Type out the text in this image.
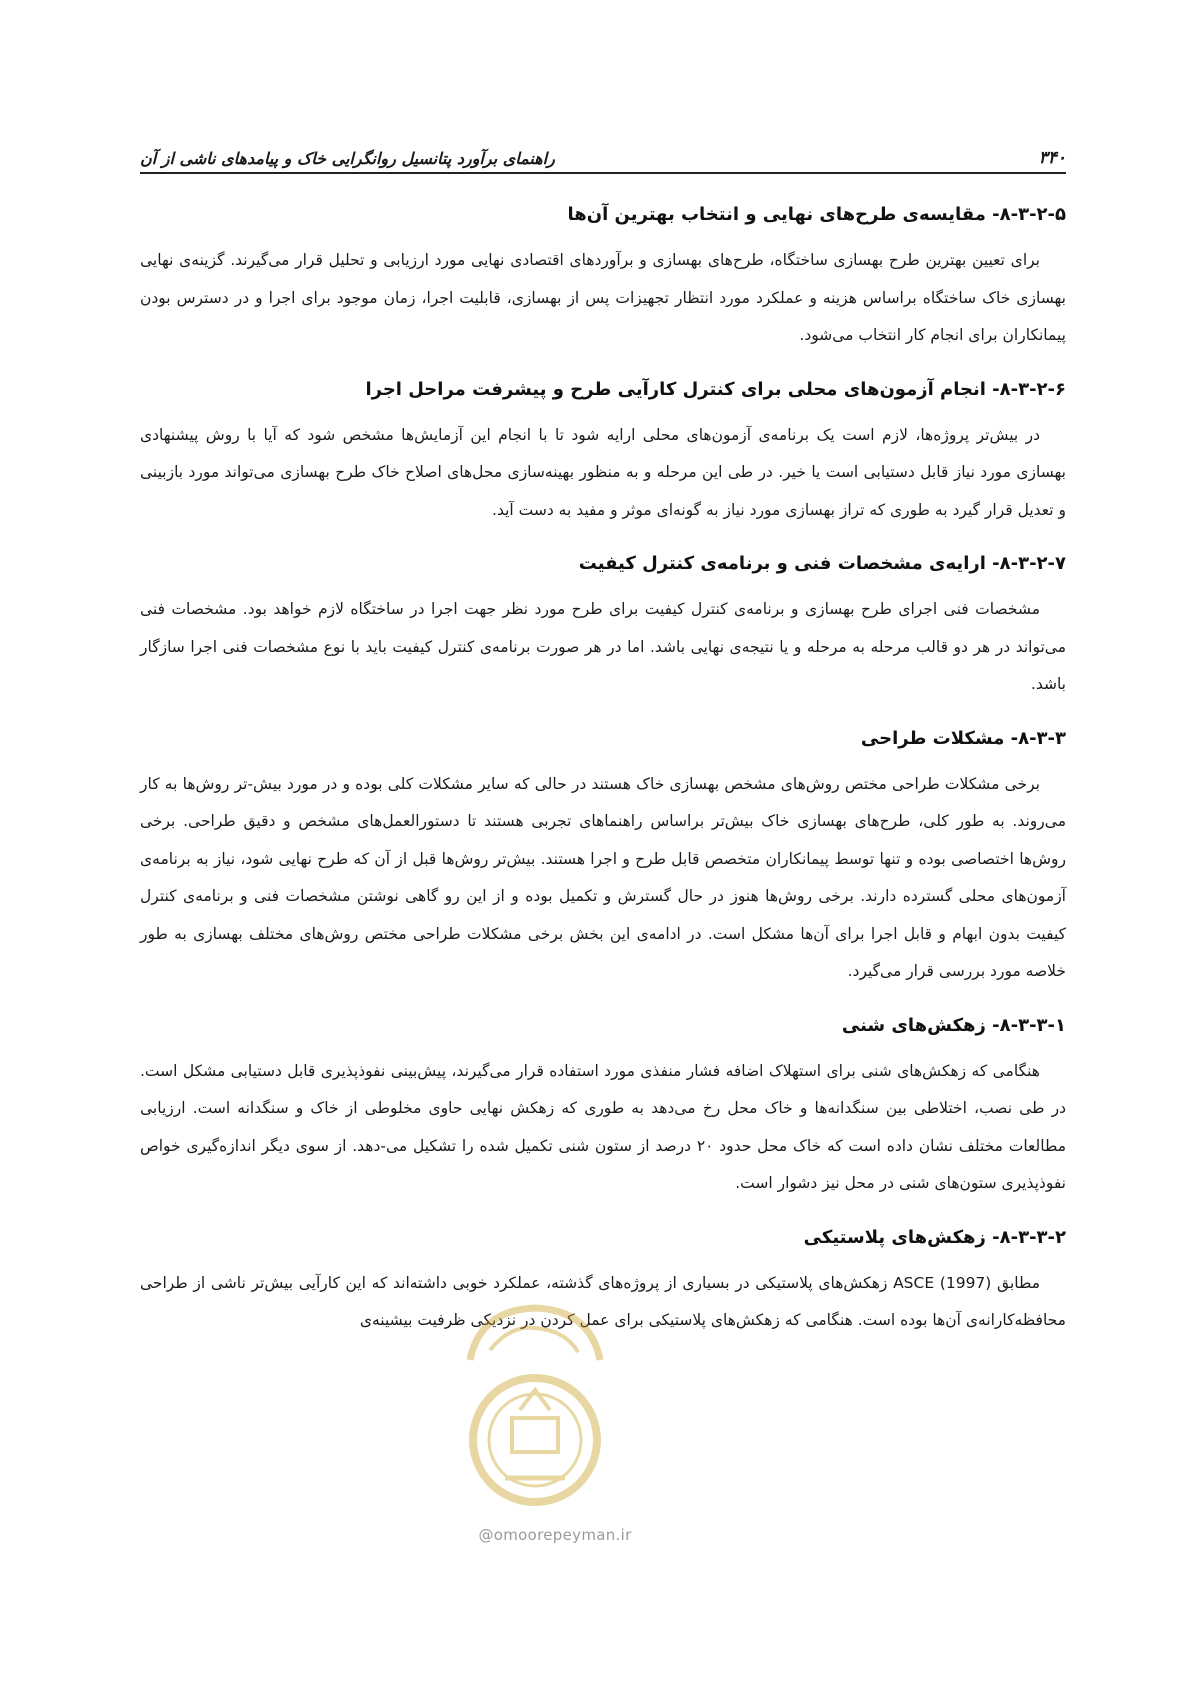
۳۴۰
راهنمای برآورد پتانسیل روانگرایی خاک و پیامدهای ناشی از آن
۸-۳-۲-۵- مقایسه‌ی طرح‌های نهایی و انتخاب بهترین آن‌ها

برای تعیین بهترین طرح بهسازی ساختگاه، طرح‌های بهسازی و برآوردهای اقتصادی نهایی مورد ارزیابی و تحلیل قرار می‌گیرند. گزینه‌ی نهایی بهسازی خاک ساختگاه براساس هزینه و عملکرد مورد انتظار تجهیزات پس از بهسازی، قابلیت اجرا، زمان موجود برای اجرا و در دسترس بودن پیمانکاران برای انجام کار انتخاب می‌شود.

۸-۳-۲-۶- انجام آزمون‌های محلی برای کنترل کارآیی طرح و پیشرفت مراحل اجرا

در بیش‌تر پروژه‌ها، لازم است یک برنامه‌ی آزمون‌های محلی ارایه شود تا با انجام این آزمایش‌ها مشخص شود که آیا با روش پیشنهادی بهسازی مورد نیاز قابل دستیابی است یا خیر. در طی این مرحله و به منظور بهینه‌سازی محل‌های اصلاح خاک طرح بهسازی می‌تواند مورد بازبینی و تعدیل قرار گیرد به طوری که تراز بهسازی مورد نیاز به گونه‌ای موثر و مفید به دست آید.

۸-۳-۲-۷- ارایه‌ی مشخصات فنی و برنامه‌ی کنترل کیفیت

مشخصات فنی اجرای طرح بهسازی و برنامه‌ی کنترل کیفیت برای طرح مورد نظر جهت اجرا در ساختگاه لازم خواهد بود. مشخصات فنی می‌تواند در هر دو قالب مرحله به مرحله و یا نتیجه‌ی نهایی باشد. اما در هر صورت برنامه‌ی کنترل کیفیت باید با نوع مشخصات فنی اجرا سازگار باشد.

۸-۳-۳- مشکلات طراحی

برخی مشکلات طراحی مختص روش‌های مشخص بهسازی خاک هستند در حالی که سایر مشکلات کلی بوده و در مورد بیش-تر روش‌ها به کار می‌روند. به طور کلی، طرح‌های بهسازی خاک بیش‌تر براساس راهنماهای تجربی هستند تا دستورالعمل‌های مشخص و دقیق طراحی. برخی روش‌ها اختصاصی بوده و تنها توسط پیمانکاران متخصص قابل طرح و اجرا هستند. بیش‌تر روش‌ها قبل از آن که طرح نهایی شود، نیاز به برنامه‌ی آزمون‌های محلی گسترده دارند. برخی روش‌ها هنوز در حال گسترش و تکمیل بوده و از این رو گاهی نوشتن مشخصات فنی و برنامه‌ی کنترل کیفیت بدون ابهام و قابل اجرا برای آن‌ها مشکل است. در ادامه‌ی این بخش برخی مشکلات طراحی مختص روش‌های مختلف بهسازی به طور خلاصه مورد بررسی قرار می‌گیرد.

۸-۳-۳-۱- زهکش‌های شنی

هنگامی که زهکش‌های شنی برای استهلاک اضافه فشار منفذی مورد استفاده قرار می‌گیرند، پیش‌بینی نفوذپذیری قابل دستیابی مشکل است. در طی نصب، اختلاطی بین سنگدانه‌ها و خاک محل رخ می‌دهد به طوری که زهکش نهایی حاوی مخلوطی از خاک و سنگدانه است. ارزیابی مطالعات مختلف نشان داده است که خاک محل حدود ۲۰ درصد از ستون شنی تکمیل شده را تشکیل می-دهد. از سوی دیگر اندازه‌گیری خواص نفوذپذیری ستون‌های شنی در محل نیز دشوار است.

۸-۳-۳-۲- زهکش‌های پلاستیکی

مطابق ASCE (1997) زهکش‌های پلاستیکی در بسیاری از پروژه‌های گذشته، عملکرد خوبی داشته‌اند که این کارآیی بیش‌تر ناشی از طراحی محافظه‌کارانه‌ی آن‌ها بوده است. هنگامی که زهکش‌های پلاستیکی برای عمل کردن در نزدیکی ظرفیت بیشینه‌ی

@omoorepeyman.ir
